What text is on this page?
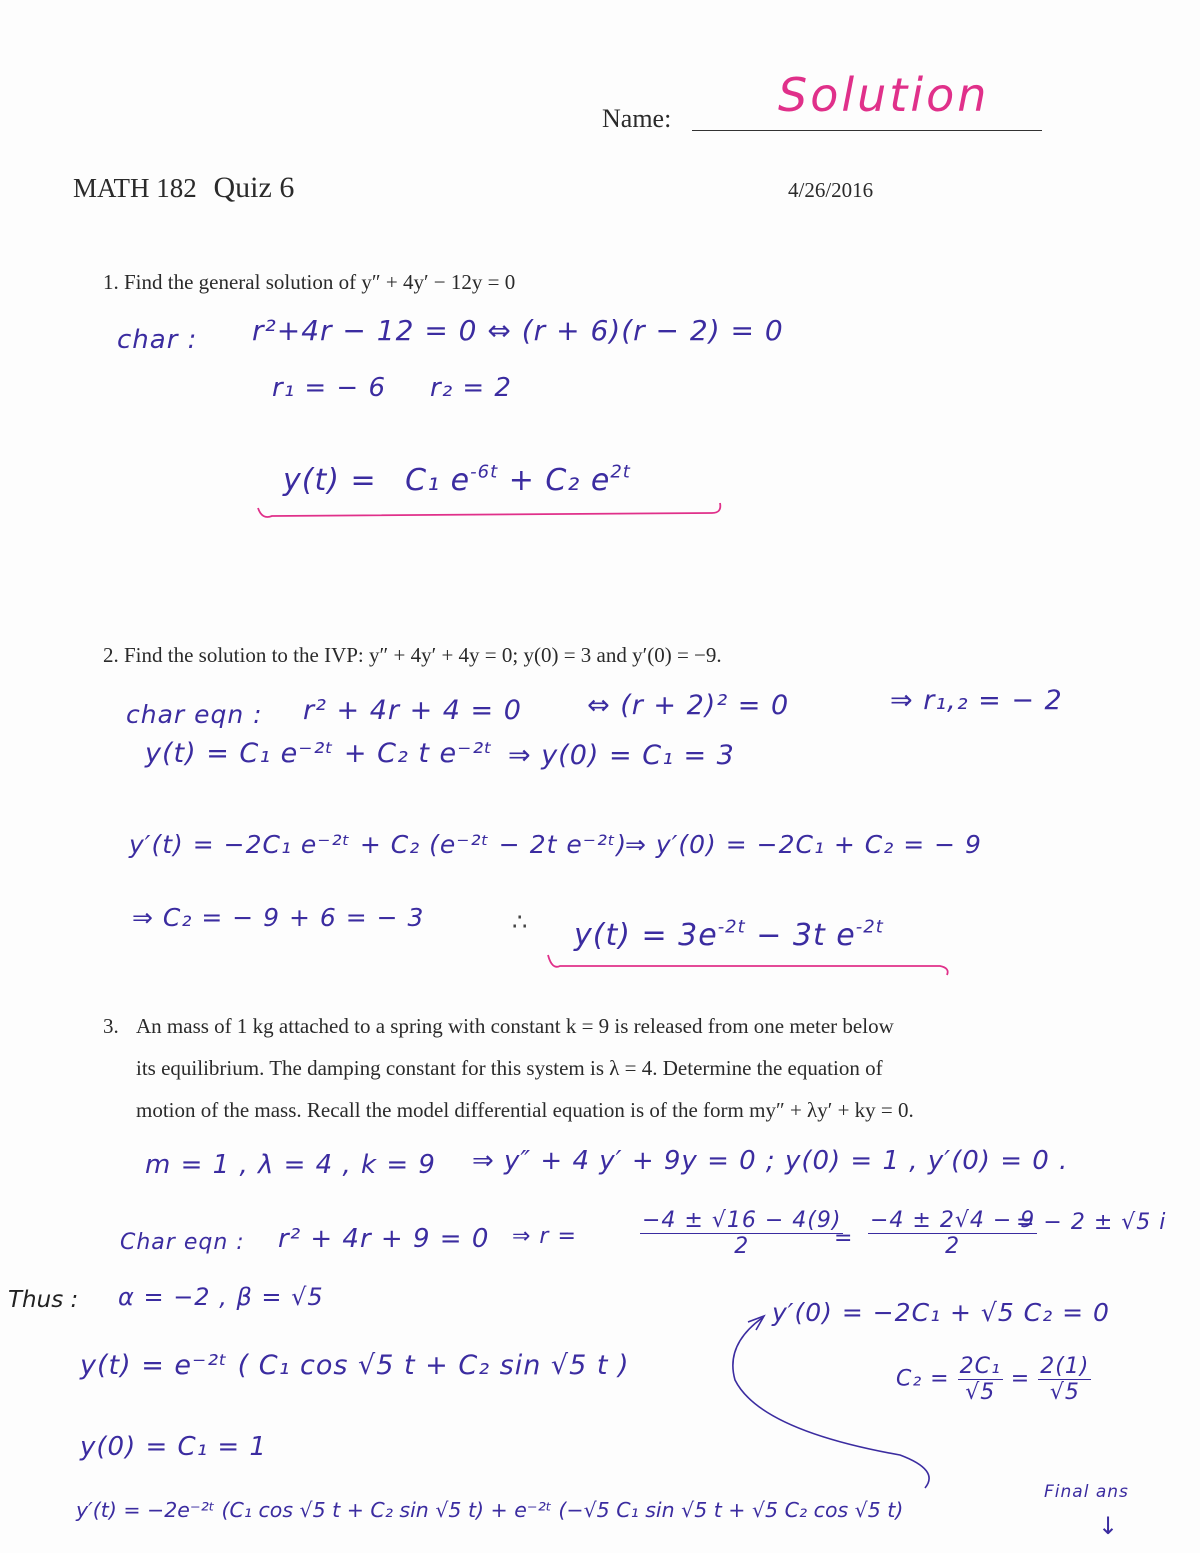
Name: Solution
MATH 182 Quiz 6	4/26/2016
1. Find the general solution of y″ + 4y′ − 12y = 0
char : r²+4r − 12 = 0 ⇔ (r + 6)(r − 2) = 0
r₁ = − 6 r₂ = 2
y(t) = C₁ $e^{-6t} + C_2$ $e^{2t}$
2. Find the solution to the IVP: y″ + 4y′ + 4y = 0; y(0) = 3 and y′(0) = −9.
char eqn : r² + 4r + 4 = 0 ⇔ (r + 2)² = 0	⇒ r₁,₂ = − 2
y(t) = C₁ e⁻²ᵗ + C₂ t e⁻²ᵗ ⇒ y(0) = C₁ = 3
y′(t) = −2C₁ e⁻²ᵗ + C₂ (e⁻²ᵗ − 2t e⁻²ᵗ)
⇒ y′(0) = −2C₁ + C₂ = − 9
⇒ C₂ = − 9 + 6 = − 3	∴ $y(t) = 3e^{-2t} - 3t$ $e^{-2t}$
3. An mass of 1 kg attached to a spring with constant k = 9 is released from one meter below
its equilibrium. The damping constant for this system is λ = 4. Determine the equation of
motion of the mass. Recall the model differential equation is of the form my″ + λy′ + ky = 0.
m = 1 , λ = 4 , k = 9 ⇒ y″ + 4 y′ + 9y = 0 ; y(0) = 1 , y′(0) = 0 .
Char eqn : r² + 4r + 9 = 0 ⇒ r =	$\frac{-4 \pm √16 - 4(9)}{2}$
= $\frac{-4 \pm 2√4 - 9}{2}$
= − 2 ± √5 i
Thus : α = −2 , β = √5
y(t) = e⁻²ᵗ ( C₁ cos √5 t + C₂ sin √5 t )
y′(0) = −2C₁ + √5 C₂ = 0
$C_2 = \frac{\text{2C₁}}{√5} = \frac{2(1)}{√5}$
y(0) = C₁ = 1
y′(t) = −2e⁻²ᵗ (C₁ cos √5 t + C₂ sin √5 t) + e⁻²ᵗ (−√5 C₁ sin √5 t + √5 C₂ cos √5 t)
Final ans
↓
